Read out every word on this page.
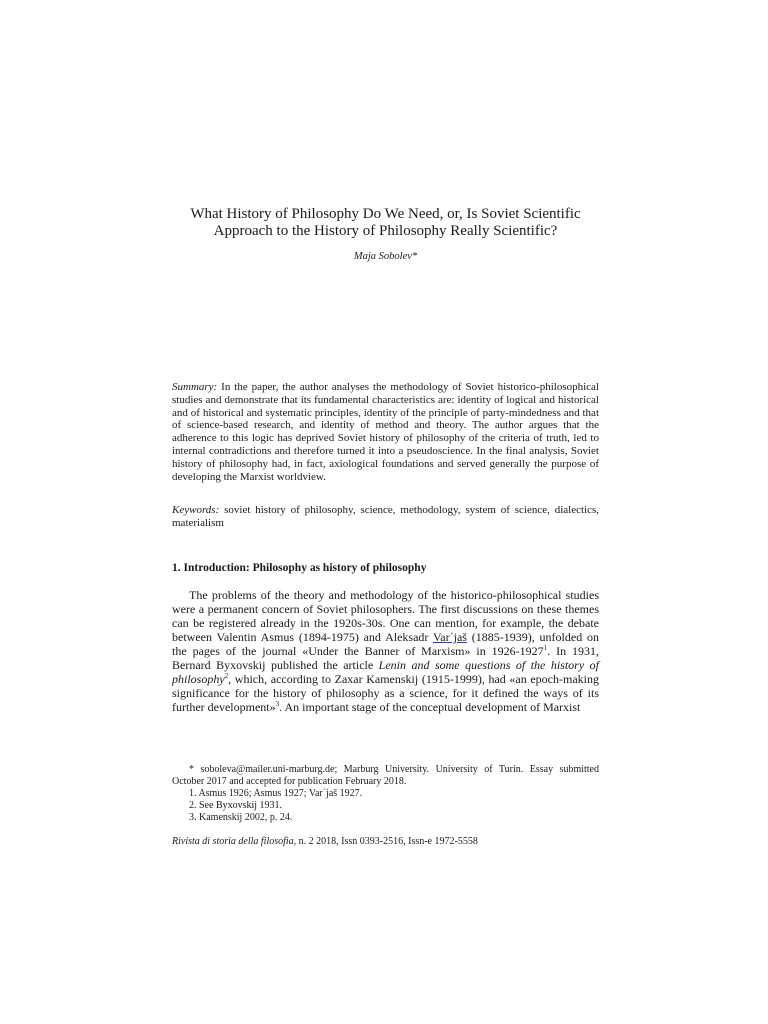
What History of Philosophy Do We Need, or, Is Soviet Scientific
Approach to the History of Philosophy Really Scientific?
Maja Sobolev*

Summary: In the paper, the author analyses the methodology of Soviet historico-philosophical studies and demonstrate that its fundamental characteristics are: identity of logical and historical and of historical and systematic principles, identity of the principle of party-mindedness and that of science-based research, and identity of method and theory. The author argues that the adherence to this logic has deprived Soviet history of philosophy of the criteria of truth, led to internal contradictions and therefore turned it into a pseudoscience. In the final analysis, Soviet history of philosophy had, in fact, axiological foundations and served generally the purpose of developing the Marxist worldview.

Keywords: soviet history of philosophy, science, methodology, system of science, dialectics, materialism

1. Introduction: Philosophy as history of philosophy

The problems of the theory and methodology of the historico-philosophical studies were a permanent concern of Soviet philosophers. The first discussions on these themes can be registered already in the 1920s-30s. One can mention, for example, the debate between Valentin Asmus (1894-1975) and Aleksadr Var´jaš (1885-1939), unfolded on the pages of the journal «Under the Banner of Marxism» in 1926-1927$^1$. In 1931, Bernard Byxovskij published the article Lenin and some questions of the history of philosophy$^2$, which, according to Zaxar Kamenskij (1915-1999), had «an epoch-making significance for the history of philosophy as a science, for it defined the ways of its further development»$^3$. An important stage of the conceptual development of Marxist

* soboleva@mailer.uni-marburg.de; Marburg University. University of Turin. Essay submitted October 2017 and accepted for publication February 2018.
1. Asmus 1926; Asmus 1927; Var´jaš 1927.
2. See Byxovskij 1931.
3. Kamenskij 2002, p. 24.

Rivista di storia della filosofia, n. 2 2018, Issn 0393-2516, Issn-e 1972-5558
